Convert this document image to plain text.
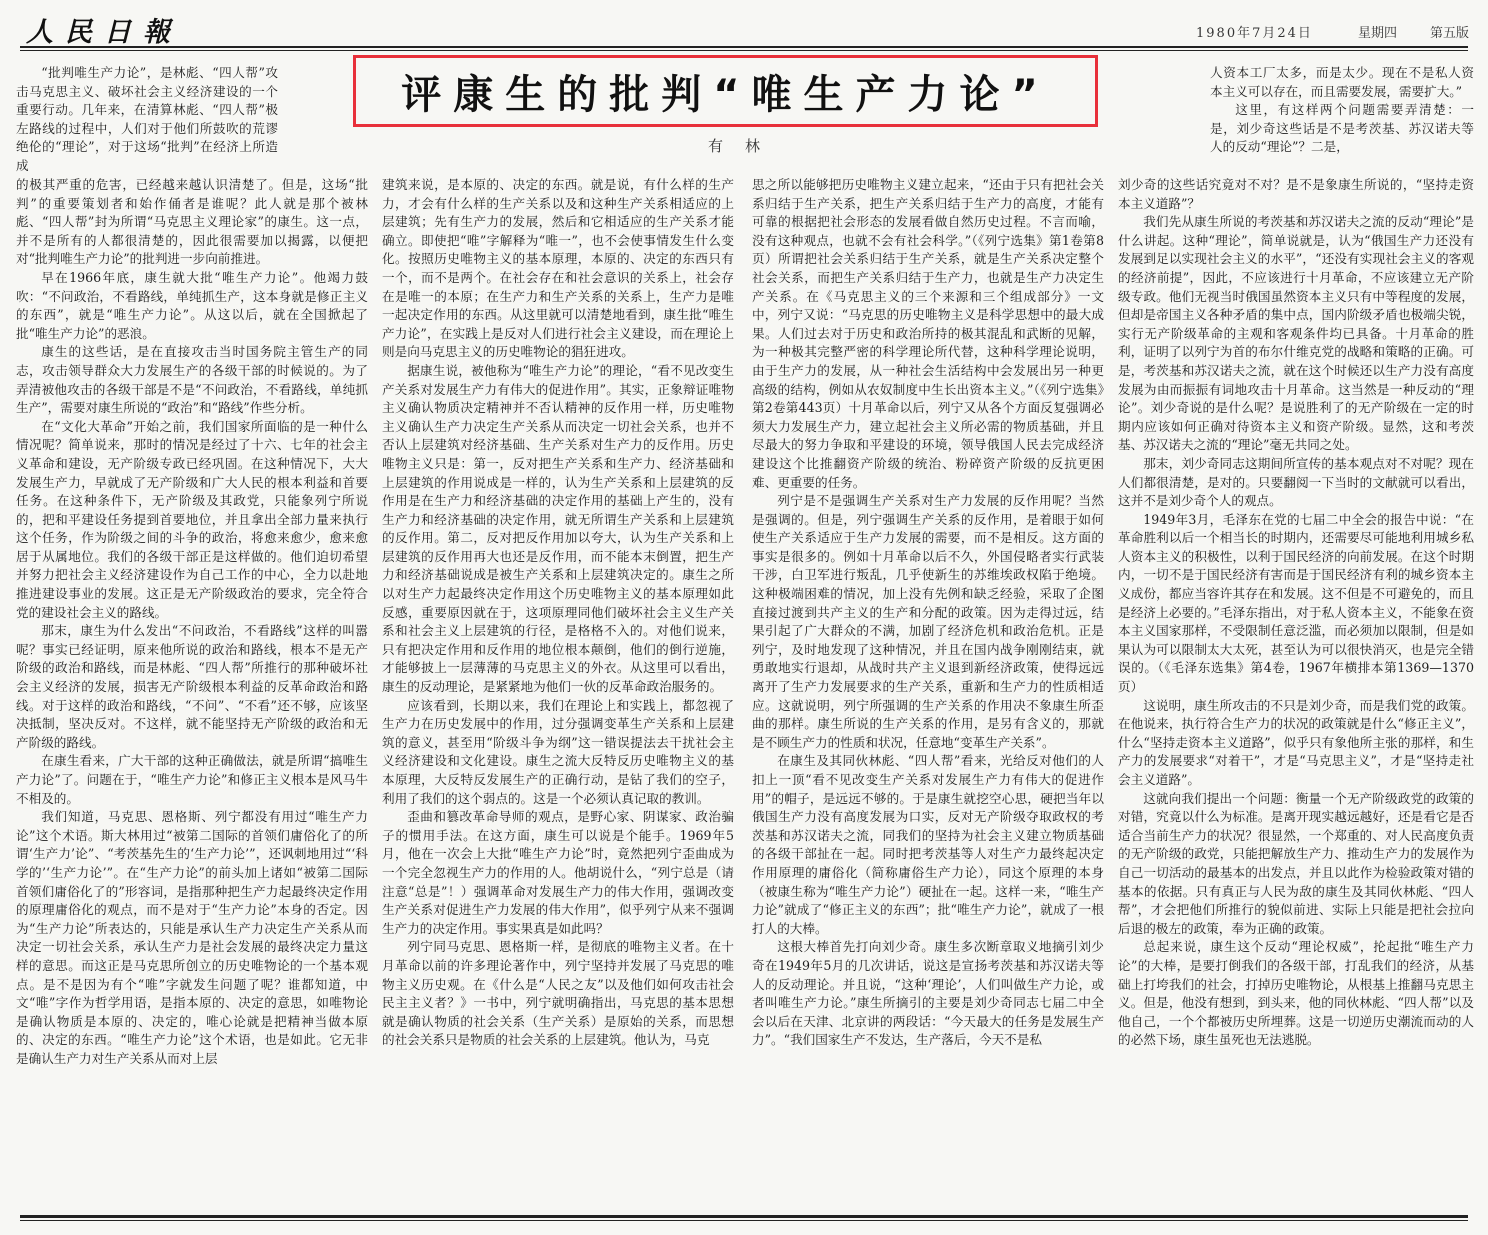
人民日報	1980年7月24日	星期四	第五版
评康生的批判“唯生产力论”
有林

“批判唯生产力论”，是林彪、“四人帮”攻击马克思主义、破坏社会主义经济建设的一个重要行动。几年来，在清算林彪、“四人帮”极左路线的过程中，人们对于他们所鼓吹的荒谬绝伦的“理论”，对于这场“批判”在经济上所造成

的极其严重的危害，已经越来越认识清楚了。但是，这场“批判”的重要策划者和始作俑者是谁呢？此人就是那个被林彪、“四人帮”封为所谓“马克思主义理论家”的康生。这一点，并不是所有的人都很清楚的，因此很需要加以揭露，以便把对“批判唯生产力论”的批判进一步向前推进。

早在1966年底，康生就大批“唯生产力论”。他竭力鼓吹：“不问政治，不看路线，单纯抓生产，这本身就是修正主义的东西”，就是“唯生产力论”。从这以后，就在全国掀起了批“唯生产力论”的恶浪。

康生的这些话，是在直接攻击当时国务院主管生产的同志，攻击领导群众大力发展生产的各级干部的时候说的。为了弄清被他攻击的各级干部是不是“不问政治，不看路线，单纯抓生产”，需要对康生所说的“政治”和“路线”作些分析。

在“文化大革命”开始之前，我们国家所面临的是一种什么情况呢？简单说来，那时的情况是经过了十六、七年的社会主义革命和建设，无产阶级专政已经巩固。在这种情况下，大大发展生产力，早就成了无产阶级和广大人民的根本利益和首要任务。在这种条件下，无产阶级及其政党，只能象列宁所说的，把和平建设任务提到首要地位，并且拿出全部力量来执行这个任务，作为阶级之间的斗争的政治，将愈来愈少，愈来愈居于从属地位。我们的各级干部正是这样做的。他们迫切希望并努力把社会主义经济建设作为自己工作的中心，全力以赴地推进建设事业的发展。这正是无产阶级政治的要求，完全符合党的建设社会主义的路线。

那末，康生为什么发出“不问政治，不看路线”这样的叫嚣呢？事实已经证明，原来他所说的政治和路线，根本不是无产阶级的政治和路线，而是林彪、“四人帮”所推行的那种破坏社会主义经济的发展，损害无产阶级根本利益的反革命政治和路线。对于这样的政治和路线，“不问”、“不看”还不够，应该坚决抵制，坚决反对。不这样，就不能坚持无产阶级的政治和无产阶级的路线。

在康生看来，广大干部的这种正确做法，就是所谓“搞唯生产力论”了。问题在于，“唯生产力论”和修正主义根本是风马牛不相及的。

我们知道，马克思、恩格斯、列宁都没有用过“唯生产力论”这个术语。斯大林用过“被第二国际的首领们庸俗化了的所谓‘生产力’论”、“考茨基先生的‘生产力论’”，还讽刺地用过“‘科学的’‘生产力论’”。在“生产力论”的前头加上诸如“被第二国际首领们庸俗化了的”形容词，是指那种把生产力起最终决定作用的原理庸俗化的观点，而不是对于“生产力论”本身的否定。因为“生产力论”所表达的，只能是承认生产力决定生产关系从而决定一切社会关系，承认生产力是社会发展的最终决定力量这样的意思。而这正是马克思所创立的历史唯物论的一个基本观点。是不是因为有个“唯”字就发生问题了呢？谁都知道，中文“唯”字作为哲学用语，是指本原的、决定的意思，如唯物论是确认物质是本原的、决定的，唯心论就是把精神当做本原的、决定的东西。“唯生产力论”这个术语，也是如此。它无非是确认生产力对生产关系从而对上层

建筑来说，是本原的、决定的东西。就是说，有什么样的生产力，才会有什么样的生产关系以及和这种生产关系相适应的上层建筑；先有生产力的发展，然后和它相适应的生产关系才能确立。即使把“唯”字解释为“唯一”，也不会使事情发生什么变化。按照历史唯物主义的基本原理，本原的、决定的东西只有一个，而不是两个。在社会存在和社会意识的关系上，社会存在是唯一的本原；在生产力和生产关系的关系上，生产力是唯一起决定作用的东西。从这里就可以清楚地看到，康生批“唯生产力论”，在实践上是反对人们进行社会主义建设，而在理论上则是向马克思主义的历史唯物论的猖狂进攻。

据康生说，被他称为“唯生产力论”的理论，“看不见改变生产关系对发展生产力有伟大的促进作用”。其实，正象辩证唯物主义确认物质决定精神并不否认精神的反作用一样，历史唯物主义确认生产力决定生产关系从而决定一切社会关系，也并不否认上层建筑对经济基础、生产关系对生产力的反作用。历史唯物主义只是：第一，反对把生产关系和生产力、经济基础和上层建筑的作用说成是一样的，认为生产关系和上层建筑的反作用是在生产力和经济基础的决定作用的基础上产生的，没有生产力和经济基础的决定作用，就无所谓生产关系和上层建筑的反作用。第二，反对把反作用加以夸大，认为生产关系和上层建筑的反作用再大也还是反作用，而不能本末倒置，把生产力和经济基础说成是被生产关系和上层建筑决定的。康生之所以对生产力起最终决定作用这个历史唯物主义的基本原理如此反感，重要原因就在于，这项原理同他们破坏社会主义生产关系和社会主义上层建筑的行径，是格格不入的。对他们说来，只有把决定作用和反作用的地位根本颠倒，他们的倒行逆施，才能够披上一层薄薄的马克思主义的外衣。从这里可以看出，康生的反动理论，是紧紧地为他们一伙的反革命政治服务的。

应该看到，长期以来，我们在理论上和实践上，都忽视了生产力在历史发展中的作用，过分强调变革生产关系和上层建筑的意义，甚至用“阶级斗争为纲”这一错误提法去干扰社会主义经济建设和文化建设。康生之流大反特反历史唯物主义的基本原理，大反特反发展生产的正确行动，是钻了我们的空子，利用了我们的这个弱点的。这是一个必须认真记取的教训。

歪曲和篡改革命导师的观点，是野心家、阴谋家、政治骗子的惯用手法。在这方面，康生可以说是个能手。1969年5月，他在一次会上大批“唯生产力论”时，竟然把列宁歪曲成为一个完全忽视生产力的作用的人。他胡说什么，“列宁总是（请注意“总是”！）强调革命对发展生产力的伟大作用，强调改变生产关系对促进生产力发展的伟大作用”，似乎列宁从来不强调生产力的决定作用。事实果真是如此吗？

列宁同马克思、恩格斯一样，是彻底的唯物主义者。在十月革命以前的许多理论著作中，列宁坚持并发展了马克思的唯物主义历史观。在《什么是“人民之友”以及他们如何攻击社会民主主义者？》一书中，列宁就明确指出，马克思的基本思想就是确认物质的社会关系（生产关系）是原始的关系，而思想的社会关系只是物质的社会关系的上层建筑。他认为，马克

思之所以能够把历史唯物主义建立起来，“还由于只有把社会关系归结于生产关系，把生产关系归结于生产力的高度，才能有可靠的根据把社会形态的发展看做自然历史过程。不言而喻，没有这种观点，也就不会有社会科学。”（《列宁选集》第1卷第8页）所谓把社会关系归结于生产关系，就是生产关系决定整个社会关系，而把生产关系归结于生产力，也就是生产力决定生产关系。在《马克思主义的三个来源和三个组成部分》一文中，列宁又说：“马克思的历史唯物主义是科学思想中的最大成果。人们过去对于历史和政治所持的极其混乱和武断的见解，为一种极其完整严密的科学理论所代替，这种科学理论说明，由于生产力的发展，从一种社会生活结构中会发展出另一种更高级的结构，例如从农奴制度中生长出资本主义。”（《列宁选集》第2卷第443页）十月革命以后，列宁又从各个方面反复强调必须大力发展生产力，建立起社会主义所必需的物质基础，并且尽最大的努力争取和平建设的环境，领导俄国人民去完成经济建设这个比推翻资产阶级的统治、粉碎资产阶级的反抗更困难、更重要的任务。

列宁是不是强调生产关系对生产力发展的反作用呢？当然是强调的。但是，列宁强调生产关系的反作用，是着眼于如何使生产关系适应于生产力发展的需要，而不是相反。这方面的事实是很多的。例如十月革命以后不久，外国侵略者实行武装干涉，白卫军进行叛乱，几乎使新生的苏维埃政权陷于绝境。这种极端困难的情况，加上没有先例和缺乏经验，采取了企图直接过渡到共产主义的生产和分配的政策。因为走得过远，结果引起了广大群众的不满，加剧了经济危机和政治危机。正是列宁，及时地发现了这种情况，并且在国内战争刚刚结束，就勇敢地实行退却，从战时共产主义退到新经济政策，使得远远离开了生产力发展要求的生产关系，重新和生产力的性质相适应。这就说明，列宁所强调的生产关系的作用决不象康生所歪曲的那样。康生所说的生产关系的作用，是另有含义的，那就是不顾生产力的性质和状况，任意地“变革生产关系”。

在康生及其同伙林彪、“四人帮”看来，光给反对他们的人扣上一顶“看不见改变生产关系对发展生产力有伟大的促进作用”的帽子，是远远不够的。于是康生就挖空心思，硬把当年以俄国生产力没有高度发展为口实，反对无产阶级夺取政权的考茨基和苏汉诺夫之流，同我们的坚持为社会主义建立物质基础的各级干部扯在一起。同时把考茨基等人对生产力最终起决定作用原理的庸俗化（简称庸俗生产力论），同这个原理的本身（被康生称为“唯生产力论”）硬扯在一起。这样一来，“唯生产力论”就成了“修正主义的东西”；批“唯生产力论”，就成了一根打人的大棒。

这根大棒首先打向刘少奇。康生多次断章取义地摘引刘少奇在1949年5月的几次讲话，说这是宣扬考茨基和苏汉诺夫等人的反动理论。并且说，“这种‘理论’，人们叫做生产力论，或者叫唯生产力论。”康生所摘引的主要是刘少奇同志七届二中全会以后在天津、北京讲的两段话：“今天最大的任务是发展生产力”。“我们国家生产不发达，生产落后，今天不是私

人资本工厂太多，而是太少。现在不是私人资本主义可以存在，而且需要发展，需要扩大。”

这里，有这样两个问题需要弄清楚：一是，刘少奇这些话是不是考茨基、苏汉诺夫等人的反动“理论”？二是，

刘少奇的这些话究竟对不对？是不是象康生所说的，“坚持走资本主义道路”？

我们先从康生所说的考茨基和苏汉诺夫之流的反动“理论”是什么讲起。这种“理论”，简单说就是，认为“俄国生产力还没有发展到足以实现社会主义的水平”，“还没有实现社会主义的客观的经济前提”，因此，不应该进行十月革命，不应该建立无产阶级专政。他们无视当时俄国虽然资本主义只有中等程度的发展，但却是帝国主义各种矛盾的集中点，国内阶级矛盾也极端尖锐，实行无产阶级革命的主观和客观条件均已具备。十月革命的胜利，证明了以列宁为首的布尔什维克党的战略和策略的正确。可是，考茨基和苏汉诺夫之流，就在这个时候还以生产力没有高度发展为由而振振有词地攻击十月革命。这当然是一种反动的“理论”。刘少奇说的是什么呢？是说胜利了的无产阶级在一定的时期内应该如何正确对待资本主义和资产阶级。显然，这和考茨基、苏汉诺夫之流的“理论”毫无共同之处。

那末，刘少奇同志这期间所宣传的基本观点对不对呢？现在人们都很清楚，是对的。只要翻阅一下当时的文献就可以看出，这并不是刘少奇个人的观点。

1949年3月，毛泽东在党的七届二中全会的报告中说：“在革命胜利以后一个相当长的时期内，还需要尽可能地利用城乡私人资本主义的积极性，以利于国民经济的向前发展。在这个时期内，一切不是于国民经济有害而是于国民经济有利的城乡资本主义成份，都应当容许其存在和发展。这不但是不可避免的，而且是经济上必要的。”毛泽东指出，对于私人资本主义，不能象在资本主义国家那样，不受限制任意泛滥，而必须加以限制，但是如果认为可以限制太大太死，甚至认为可以很快消灭，也是完全错误的。（《毛泽东选集》第4卷，1967年横排本第1369—1370页）

这说明，康生所攻击的不只是刘少奇，而是我们党的政策。在他说来，执行符合生产力的状况的政策就是什么“修正主义”，什么“坚持走资本主义道路”，似乎只有象他所主张的那样，和生产力的发展要求“对着干”，才是“马克思主义”，才是“坚持走社会主义道路”。

这就向我们提出一个问题：衡量一个无产阶级政党的政策的对错，究竟以什么为标准。是离开现实越远越好，还是看它是否适合当前生产力的状况？很显然，一个郑重的、对人民高度负责的无产阶级的政党，只能把解放生产力、推动生产力的发展作为自己一切活动的最基本的出发点，并且以此作为检验政策对错的基本的依据。只有真正与人民为敌的康生及其同伙林彪、“四人帮”，才会把他们所推行的貌似前进、实际上只能是把社会拉向后退的极左的政策，奉为正确的政策。

总起来说，康生这个反动“理论权威”，抡起批“唯生产力论”的大棒，是要打倒我们的各级干部，打乱我们的经济，从基础上打垮我们的社会，打掉历史唯物论，从根基上推翻马克思主义。但是，他没有想到，到头来，他的同伙林彪、“四人帮”以及他自己，一个个都被历史所埋葬。这是一切逆历史潮流而动的人的必然下场，康生虽死也无法逃脱。
